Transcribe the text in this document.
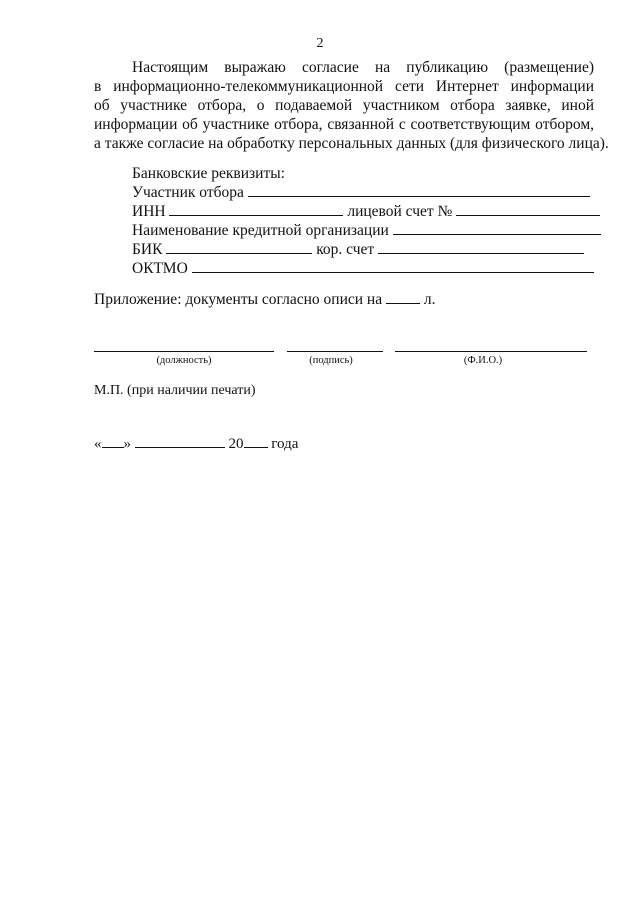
2
Настоящим выражаю согласие на публикацию (размещение)
в информационно-телекоммуникационной сети Интернет информации
об участнике отбора, о подаваемой участником отбора заявке, иной
информации об участнике отбора, связанной с соответствующим отбором,
а также согласие на обработку персональных данных (для физического лица).
Банковские реквизиты:
Участник отбора
ИНН	лицевой счет №
Наименование кредитной организации
БИК	кор. счет
ОКТМО
Приложение: документы согласно описи на	л.
(должность)	(подпись)	(Ф.И.О.)
М.П. (при наличии печати)
« »	20 года
